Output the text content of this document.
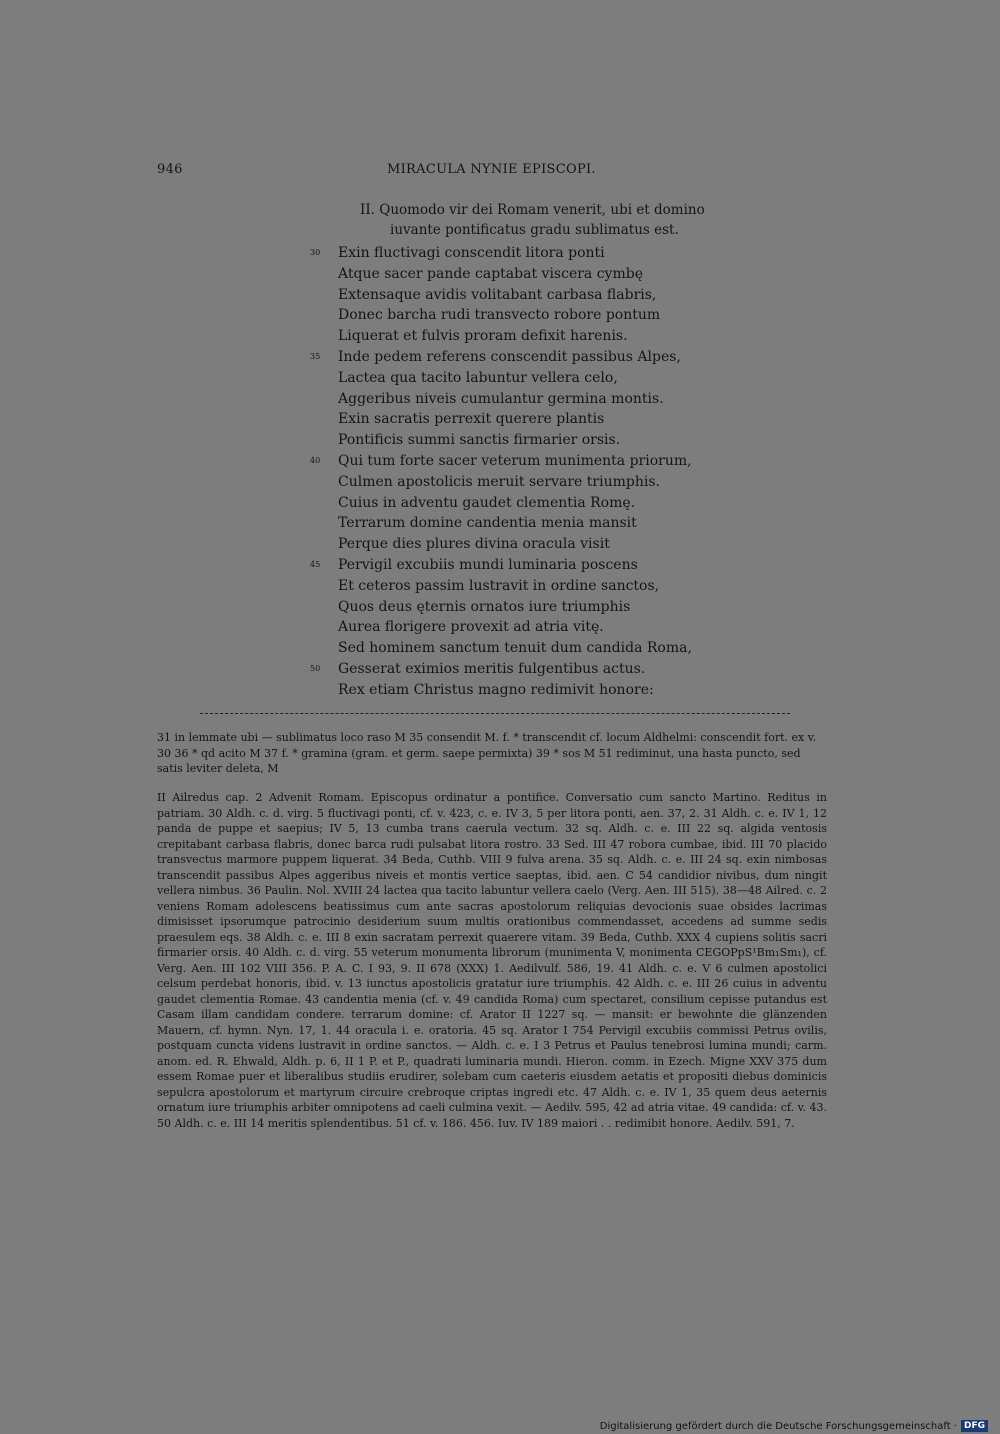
946	MIRACULA NYNIE EPISCOPI.
II. Quomodo vir dei Romam venerit, ubi et domino
iuvante pontificatus gradu sublimatus est.
30	Exin fluctivagi conscendit litora ponti
Atque sacer pande captabat viscera cymbę
Extensaque avidis volitabant carbasa flabris,
Donec barcha rudi transvecto robore pontum
Liquerat et fulvis proram defixit harenis.
35	Inde pedem referens conscendit passibus Alpes,
Lactea qua tacito labuntur vellera celo,
Aggeribus niveis cumulantur germina montis.
Exin sacratis perrexit querere plantis
Pontificis summi sanctis firmarier orsis.
40	Qui tum forte sacer veterum munimenta priorum,
Culmen apostolicis meruit servare triumphis.
Cuius in adventu gaudet clementia Romę.
Terrarum domine candentia menia mansit
Perque dies plures divina oracula visit
45	Pervigil excubiis mundi luminaria poscens
Et ceteros passim lustravit in ordine sanctos,
Quos deus ęternis ornatos iure triumphis
Aurea florigere provexit ad atria vitę.
Sed hominem sanctum tenuit dum candida Roma,
50	Gesserat eximios meritis fulgentibus actus.
Rex etiam Christus magno redimivit honore:
31 in lemmate ubi — sublimatus loco raso M 35 consendit M. f. * transcendit cf. locum Aldhelmi: conscendit fort. ex v. 30 36 * qd acito M 37 f. * gramina (gram. et germ. saepe permixta) 39 * sos M 51 rediminut, una hasta puncto, sed satis leviter deleta, M
II Ailredus cap. 2 Advenit Romam. Episcopus ordinatur a pontifice. Conversatio cum sancto Martino. Reditus in patriam. 30 Aldh. c. d. virg. 5 fluctivagi ponti, cf. v. 423, c. e. IV 3, 5 per litora ponti, aen. 37, 2. 31 Aldh. c. e. IV 1, 12 panda de puppe et saepius; IV 5, 13 cumba trans caerula vectum. 32 sq. Aldh. c. e. III 22 sq. algida ventosis crepitabant carbasa flabris, donec barca rudi pulsabat litora rostro. 33 Sed. III 47 robora cumbae, ibid. III 70 placido transvectus marmore puppem liquerat. 34 Beda, Cuthb. VIII 9 fulva arena. 35 sq. Aldh. c. e. III 24 sq. exin nimbosas transcendit passibus Alpes aggeribus niveis et montis vertice saeptas, ibid. aen. C 54 candidior nivibus, dum ningit vellera nimbus. 36 Paulin. Nol. XVIII 24 lactea qua tacito labuntur vellera caelo (Verg. Aen. III 515). 38—48 Ailred. c. 2 veniens Romam adolescens beatissimus cum ante sacras apostolorum reliquias devocionis suae obsides lacrimas dimisisset ipsorumque patrocinio desiderium suum multis orationibus commendasset, accedens ad summe sedis praesulem eqs. 38 Aldh. c. e. III 8 exin sacratam perrexit quaerere vitam. 39 Beda, Cuthb. XXX 4 cupiens solitis sacri firmarier orsis. 40 Aldh. c. d. virg. 55 veterum monumenta librorum (munimenta V, monimenta CEGOPpS¹Bm₁Sm₁), cf. Verg. Aen. III 102 VIII 356. P. A. C. I 93, 9. II 678 (XXX) 1. Aedilvulf. 586, 19. 41 Aldh. c. e. V 6 culmen apostolici celsum perdebat honoris, ibid. v. 13 iunctus apostolicis gratatur iure triumphis. 42 Aldh. c. e. III 26 cuius in adventu gaudet clementia Romae. 43 candentia menia (cf. v. 49 candida Roma) cum spectaret, consilium cepisse putandus est Casam illam candidam condere. terrarum domine: cf. Arator II 1227 sq. — mansit: er bewohnte die glänzenden Mauern, cf. hymn. Nyn. 17, 1. 44 oracula i. e. oratoria. 45 sq. Arator I 754 Pervigil excubiis commissi Petrus ovilis, postquam cuncta videns lustravit in ordine sanctos. — Aldh. c. e. I 3 Petrus et Paulus tenebrosi lumina mundi; carm. anom. ed. R. Ehwald, Aldh. p. 6, II 1 P. et P., quadrati luminaria mundi. Hieron. comm. in Ezech. Migne XXV 375 dum essem Romae puer et liberalibus studiis erudirer, solebam cum caeteris eiusdem aetatis et propositi diebus dominicis sepulcra apostolorum et martyrum circuire crebroque criptas ingredi etc. 47 Aldh. c. e. IV 1, 35 quem deus aeternis ornatum iure triumphis arbiter omnipotens ad caeli culmina vexit. — Aedilv. 595, 42 ad atria vitae. 49 candida: cf. v. 43. 50 Aldh. c. e. III 14 meritis splendentibus. 51 cf. v. 186. 456. Iuv. IV 189 maiori . . redimibit honore. Aedilv. 591, 7.
Digitalisierung gefördert durch die Deutsche Forschungsgemeinschaft · DFG
